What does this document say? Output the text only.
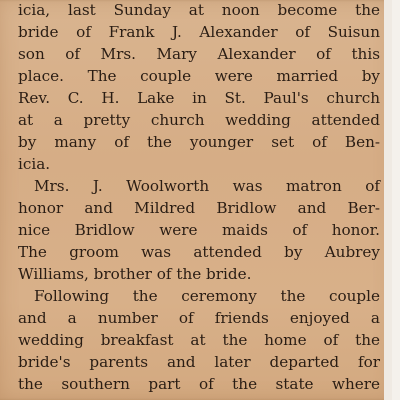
icia, last Sunday at noon become the
bride of Frank J. Alexander of Suisun
son of Mrs. Mary Alexander of this
place. The couple were married by
Rev. C. H. Lake in St. Paul's church
at a pretty church wedding attended
by many of the younger set of Ben-
icia.
Mrs. J. Woolworth was matron of
honor and Mildred Bridlow and Ber-
nice Bridlow were maids of honor.
The groom was attended by Aubrey
Williams, brother of the bride.
Following the ceremony the couple
and a number of friends enjoyed a
wedding breakfast at the home of the
bride's parents and later departed for
the southern part of the state where
